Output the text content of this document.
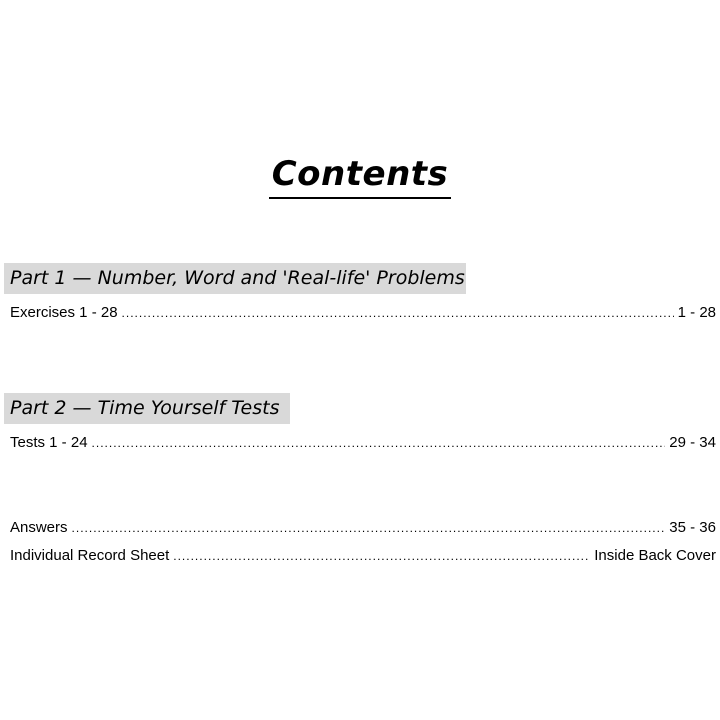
Contents
Part 1 — Number, Word and 'Real-life' Problems
Exercises 1 - 28 .....	1 - 28
Part 2 — Time Yourself Tests
Tests 1 - 24 .....	29 - 34
Answers .....	35 - 36
Individual Record Sheet .....	Inside Back Cover
